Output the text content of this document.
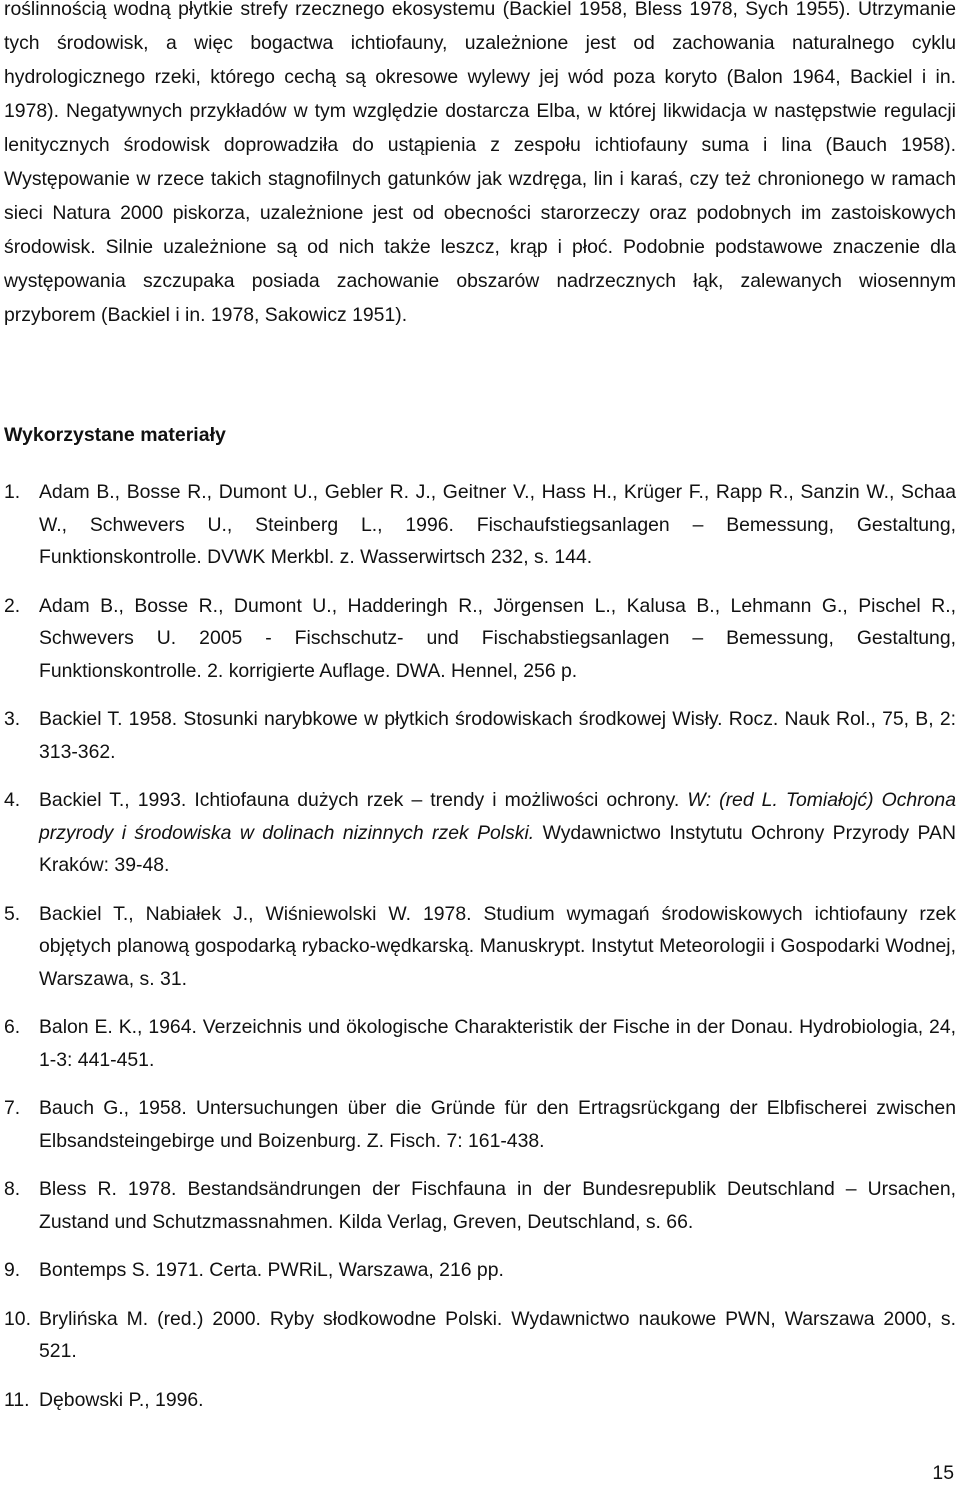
roślinnością wodną płytkie strefy rzecznego ekosystemu (Backiel 1958, Bless 1978, Sych 1955). Utrzymanie tych środowisk, a więc bogactwa ichtiofauny, uzależnione jest od zachowania naturalnego cyklu hydrologicznego rzeki, którego cechą są okresowe wylewy jej wód poza koryto (Balon 1964, Backiel i in. 1978). Negatywnych przykładów w tym względzie dostarcza Elba, w której likwidacja w następstwie regulacji lenitycznych środowisk doprowadziła do ustąpienia z zespołu ichtiofauny suma i lina (Bauch 1958). Występowanie w rzece takich stagnofilnych gatunków jak wzdręga, lin i karaś, czy też chronionego w ramach sieci Natura 2000 piskorza, uzależnione jest od obecności starorzeczy oraz podobnych im zastoiskowych środowisk. Silnie uzależnione są od nich także leszcz, krąp i płoć. Podobnie podstawowe znaczenie dla występowania szczupaka posiada zachowanie obszarów nadrzecznych łąk, zalewanych wiosennym przyborem (Backiel i in. 1978, Sakowicz 1951).

Wykorzystane materiały
1. Adam B., Bosse R., Dumont U., Gebler R. J., Geitner V., Hass H., Krüger F., Rapp R., Sanzin W., Schaa W., Schwevers U., Steinberg L., 1996. Fischaufstiegsanlagen – Bemessung, Gestaltung, Funktionskontrolle. DVWK Merkbl. z. Wasserwirtsch 232, s. 144.
2. Adam B., Bosse R., Dumont U., Hadderingh R., Jörgensen L., Kalusa B., Lehmann G., Pischel R., Schwevers U. 2005 - Fischschutz- und Fischabstiegsanlagen – Bemessung, Gestaltung, Funktionskontrolle. 2. korrigierte Auflage. DWA. Hennel, 256 p.
3. Backiel T. 1958. Stosunki narybkowe w płytkich środowiskach środkowej Wisły. Rocz. Nauk Rol., 75, B, 2: 313-362.
4. Backiel T., 1993. Ichtiofauna dużych rzek – trendy i możliwości ochrony. W: (red L. Tomiałojć) Ochrona przyrody i środowiska w dolinach nizinnych rzek Polski. Wydawnictwo Instytutu Ochrony Przyrody PAN Kraków: 39-48.
5. Backiel T., Nabiałek J., Wiśniewolski W. 1978. Studium wymagań środowiskowych ichtiofauny rzek objętych planową gospodarką rybacko-wędkarską. Manuskrypt. Instytut Meteorologii i Gospodarki Wodnej, Warszawa, s. 31.
6. Balon E. K., 1964. Verzeichnis und ökologische Charakteristik der Fische in der Donau. Hydrobiologia, 24, 1-3: 441-451.
7. Bauch G., 1958. Untersuchungen über die Gründe für den Ertragsrückgang der Elbfischerei zwischen Elbsandsteingebirge und Boizenburg. Z. Fisch. 7: 161-438.
8. Bless R. 1978. Bestandsändrungen der Fischfauna in der Bundesrepublik Deutschland – Ursachen, Zustand und Schutzmassnahmen. Kilda Verlag, Greven, Deutschland, s. 66.
9. Bontemps S. 1971. Certa. PWRiL, Warszawa, 216 pp.
10. Brylińska M. (red.) 2000. Ryby słodkowodne Polski. Wydawnictwo naukowe PWN, Warszawa 2000, s. 521.
11. Dębowski P., 1996.
15
